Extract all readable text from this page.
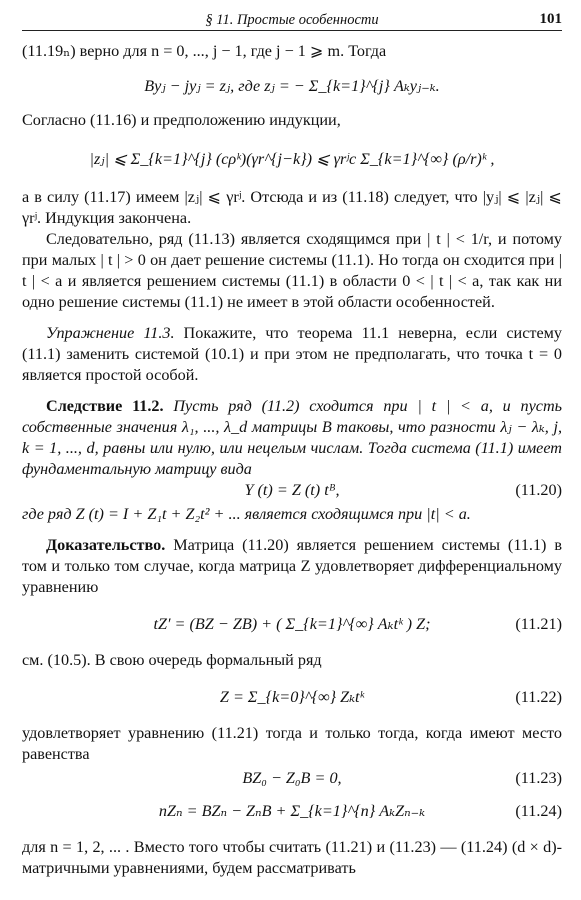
§ 11. Простые особенности	101

(11.19ₙ) верно для n = 0, ..., j − 1, где j − 1 ⩾ m. Тогда

Byⱼ − jyⱼ = zⱼ, где zⱼ = − Σ_{k=1}^{j} Aₖyⱼ₋ₖ.

Согласно (11.16) и предположению индукции,

|zⱼ| ⩽ Σ_{k=1}^{j} (cρᵏ)(γr^{j−k}) ⩽ γrʲc Σ_{k=1}^{∞} (ρ/r)ᵏ ,

а в силу (11.17) имеем |zⱼ| ⩽ γrʲ. Отсюда и из (11.18) следует, что |yⱼ| ⩽ |zⱼ| ⩽ γrʲ. Индукция закончена.

Следовательно, ряд (11.13) является сходящимся при | t | < 1/r, и потому при малых | t | > 0 он дает решение системы (11.1). Но тогда он сходится при | t | < a и является решением системы (11.1) в области 0 < | t | < a, так как ни одно решение системы (11.1) не имеет в этой области особенностей.

Упражнение 11.3. Покажите, что теорема 11.1 неверна, если систему (11.1) заменить системой (10.1) и при этом не предполагать, что точка t = 0 является простой особой.

Следствие 11.2. Пусть ряд (11.2) сходится при | t | < a, и пусть собственные значения λ₁, ..., λ_d матрицы B таковы, что разности λⱼ − λₖ, j, k = 1, ..., d, равны или нулю, или нецелым числам. Тогда система (11.1) имеет фундаментальную матрицу вида

Y (t) = Z (t) tᴮ,	(11.20)

где ряд Z (t) = I + Z₁t + Z₂t² + ... является сходящимся при |t| < a.

Доказательство. Матрица (11.20) является решением системы (11.1) в том и только том случае, когда матрица Z удовлетворяет дифференциальному уравнению

tZ′ = (BZ − ZB) + ( Σ_{k=1}^{∞} Aₖtᵏ ) Z;	(11.21)

см. (10.5). В свою очередь формальный ряд

Z = Σ_{k=0}^{∞} Zₖtᵏ	(11.22)

удовлетворяет уравнению (11.21) тогда и только тогда, когда имеют место равенства

BZ₀ − Z₀B = 0,	(11.23)
nZₙ = BZₙ − ZₙB + Σ_{k=1}^{n} AₖZₙ₋ₖ	(11.24)

для n = 1, 2, ... . Вместо того чтобы считать (11.21) и (11.23) — (11.24) (d × d)-матричными уравнениями, будем рассматривать
